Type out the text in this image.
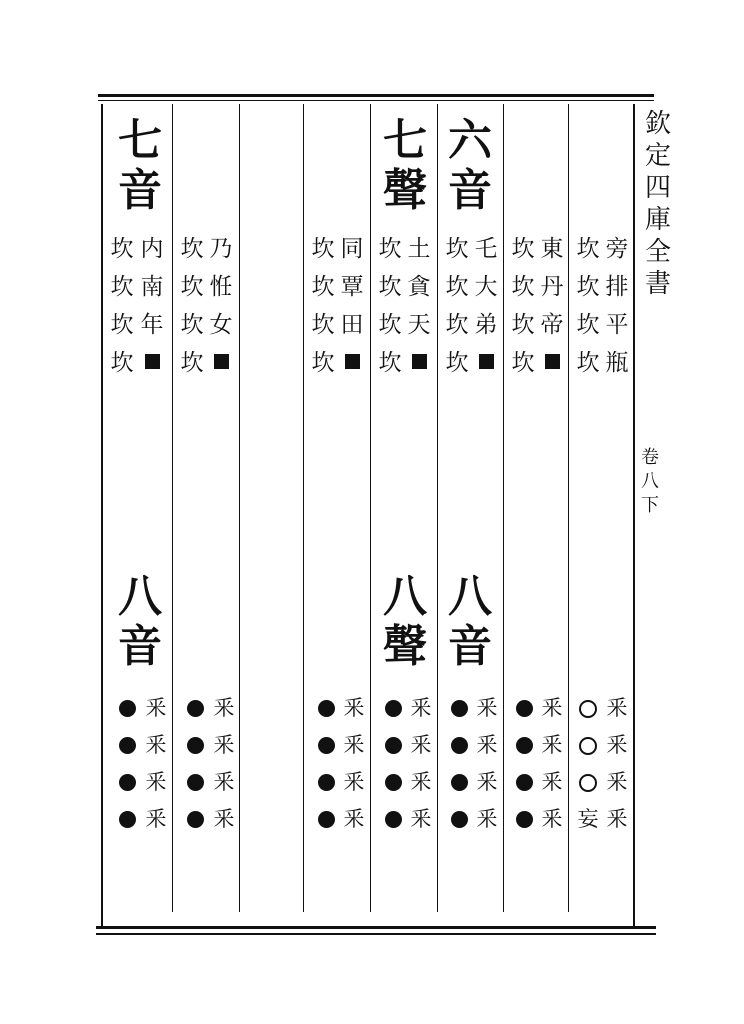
欽
定
四
庫
全
書
卷
八
下
七
音
坎
坎
坎
坎
内
南
年
八
音
釆
釆
釆
釆
坎
坎
坎
坎
乃
㤛
女
釆
釆
釆
釆
坎
坎
坎
坎
同
覃
田
釆
釆
釆
釆
七
聲
坎
坎
坎
坎
土
貪
天
八
聲
釆
釆
釆
釆
六
音
坎
坎
坎
坎
乇
大
弟
八
音
釆
釆
釆
釆
坎
坎
坎
坎
東
丹
帝
釆
釆
釆
釆
坎
坎
坎
坎
旁
排
平
瓶
妄
釆
釆
釆
釆
